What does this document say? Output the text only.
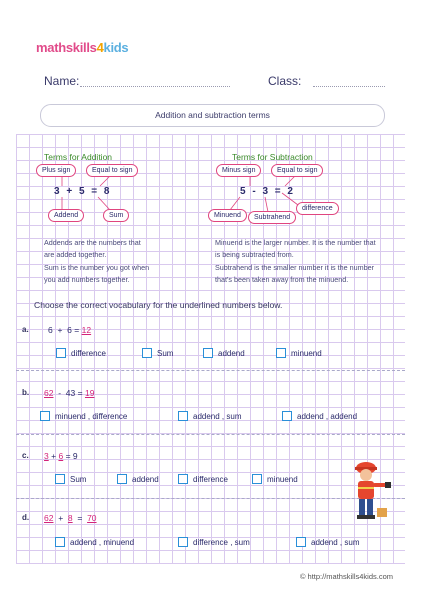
mathskills4kids
Name:	Class:
Addition and subtraction terms
Terms for Addition
Plus sign	Equal to sign
3 + 5 = 8
Addend	Sum
Addends are the numbers that
are added together.
Sum is the number you got when
you add numbers together.
Terms for Subtraction
Minus sign	Equal to sign
5 - 3 = 2
Minuend	Subtrahend
difference
Minuend is the larger number. It is the number that
is being subtracted from.
Subtrahend is the smaller number it is the number
that's been taken away from the minuend.
Choose the correct vocabulary for the underlined numbers below.
a. 6 + 6 = 12
difference	Sum	addend	minuend
b. 62 - 43 = 19
minuend , difference	addend , sum	addend , addend
c. 3 + 6 = 9
Sum	addend	difference	minuend
d. 62 + 8 = 70
addend , minuend	difference , sum	addend , sum
© http://mathskills4kids.com
